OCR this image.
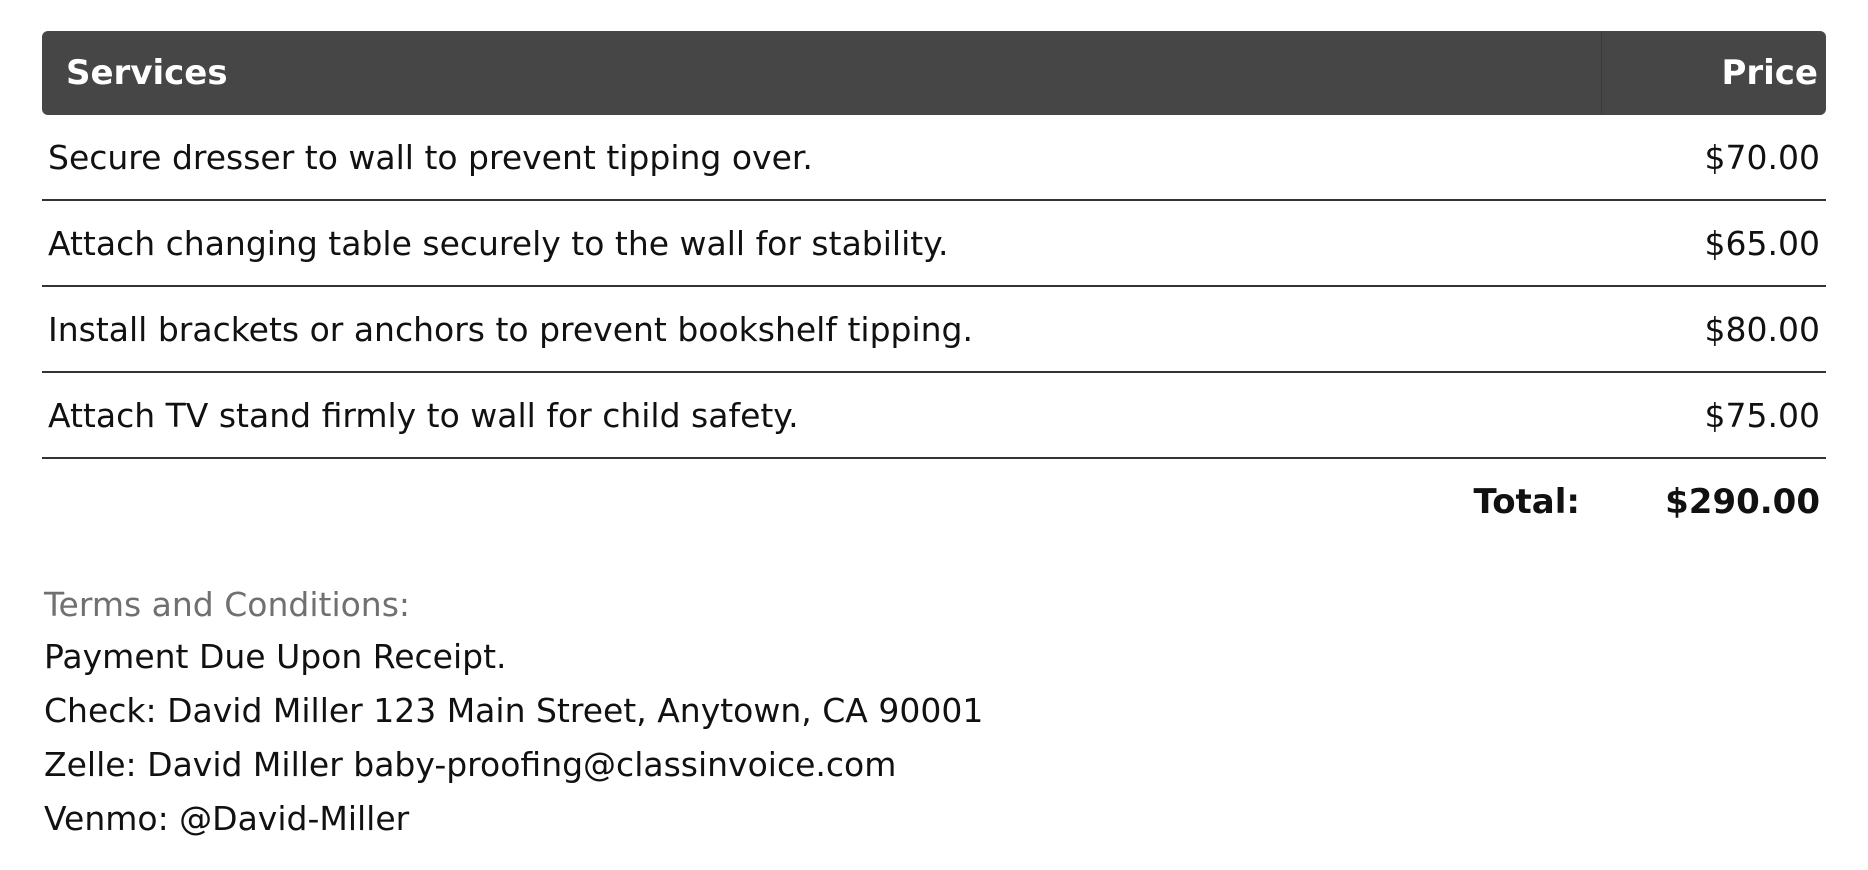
Services	Price
Secure dresser to wall to prevent tipping over.	$70.00
Attach changing table securely to the wall for stability.	$65.00
Install brackets or anchors to prevent bookshelf tipping.	$80.00
Attach TV stand firmly to wall for child safety.	$75.00
Total:	$290.00
Terms and Conditions:
Payment Due Upon Receipt.
Check: David Miller 123 Main Street, Anytown, CA 90001
Zelle: David Miller baby-proofing@classinvoice.com
Venmo: @David-Miller
